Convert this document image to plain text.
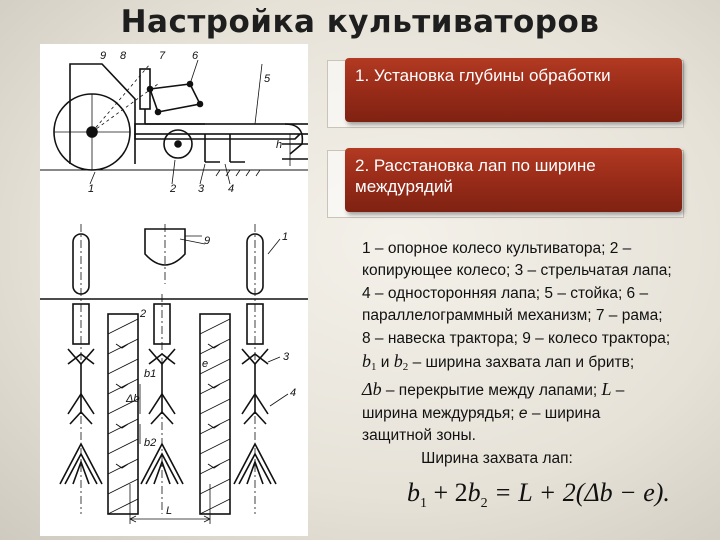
Настройка культиваторов
9 8	7 6
5
1	2 3 4
h
9	1
2
3
4
b1
Δb
b2
e
L
1. Установка глубины обработки
2. Расстановка лап по ширине междурядий
1 – опорное колесо культиватора; 2 – копирующее колесо; 3 – стрельчатая лапа; 4 – односторонняя лапа; 5 – стойка; 6 – параллелограммный механизм; 7 – рама; 8 – навеска трактора; 9 – колесо трактора;
$b_1$ и $b_2$ – ширина захвата лап и бритв;
Δb – перекрытие между лапами; L – ширина междурядья; e – ширина защитной зоны.
Ширина захвата лап:
$b_1 + 2b_2 = L + 2(\Delta b - e)$.
